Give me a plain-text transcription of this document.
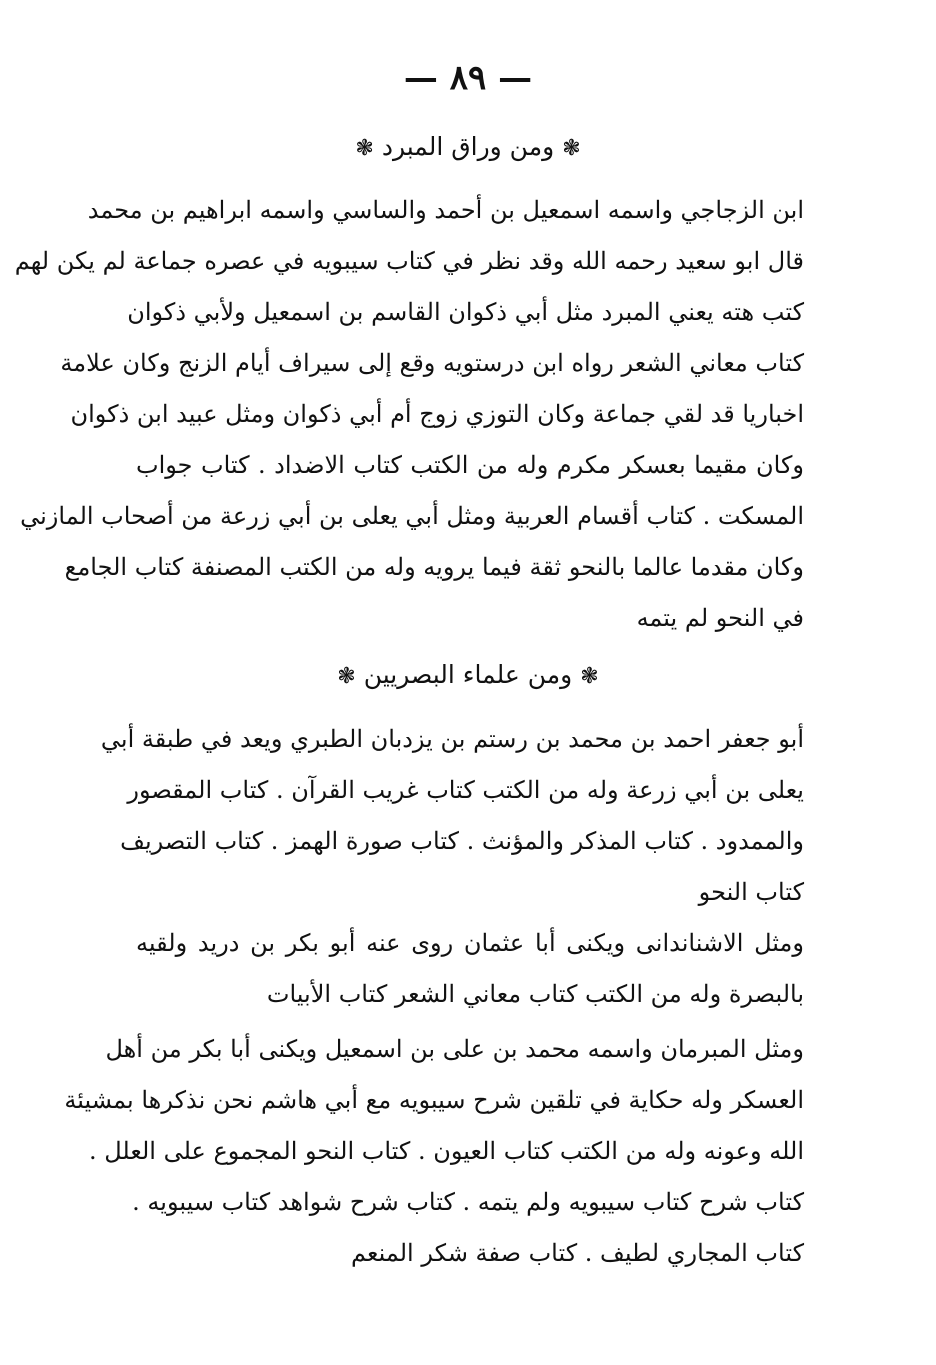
— ٨٩ —
❃ومن وراق المبرد❃
ابن الزجاجي واسمه اسمعيل بن أحمد والساسي واسمه ابراهيم بن محمد
قال ابو سعيد رحمه الله وقد نظر في كتاب سيبويه في عصره جماعة لم يكن لهم
كتب هته يعني المبرد مثل أبي ذكوان القاسم بن اسمعيل ولأبي ذكوان
كتاب معاني الشعر رواه ابن درستويه وقع إلى سيراف أيام الزنج وكان علامة
اخباريا قد لقي جماعة وكان التوزي زوج أم أبي ذكوان ومثل عبيد ابن ذكوان
وكان مقيما بعسكر مكرم وله من الكتب كتاب الاضداد . كتاب جواب
المسكت . كتاب أقسام العربية ومثل أبي يعلى بن أبي زرعة من أصحاب المازني
وكان مقدما عالما بالنحو ثقة فيما يرويه وله من الكتب المصنفة كتاب الجامع
في النحو لم يتمه
❃ومن علماء البصريين❃
أبو جعفر احمد بن محمد بن رستم بن يزدبان الطبري ويعد في طبقة أبي
يعلى بن أبي زرعة وله من الكتب كتاب غريب القرآن . كتاب المقصور
والممدود . كتاب المذكر والمؤنث . كتاب صورة الهمز . كتاب التصريف
كتاب النحو
ومثل الاشناندانى ويكنى أبا عثمان روى عنه أبو بكر بن دريد ولقيه
بالبصرة وله من الكتب كتاب معاني الشعر كتاب الأبيات
ومثل المبرمان واسمه محمد بن على بن اسمعيل ويكنى أبا بكر من أهل
العسكر وله حكاية في تلقين شرح سيبويه مع أبي هاشم نحن نذكرها بمشيئة
الله وعونه وله من الكتب كتاب العيون . كتاب النحو المجموع على العلل .
كتاب شرح كتاب سيبويه ولم يتمه . كتاب شرح شواهد كتاب سيبويه .
كتاب المجاري لطيف . كتاب صفة شكر المنعم
